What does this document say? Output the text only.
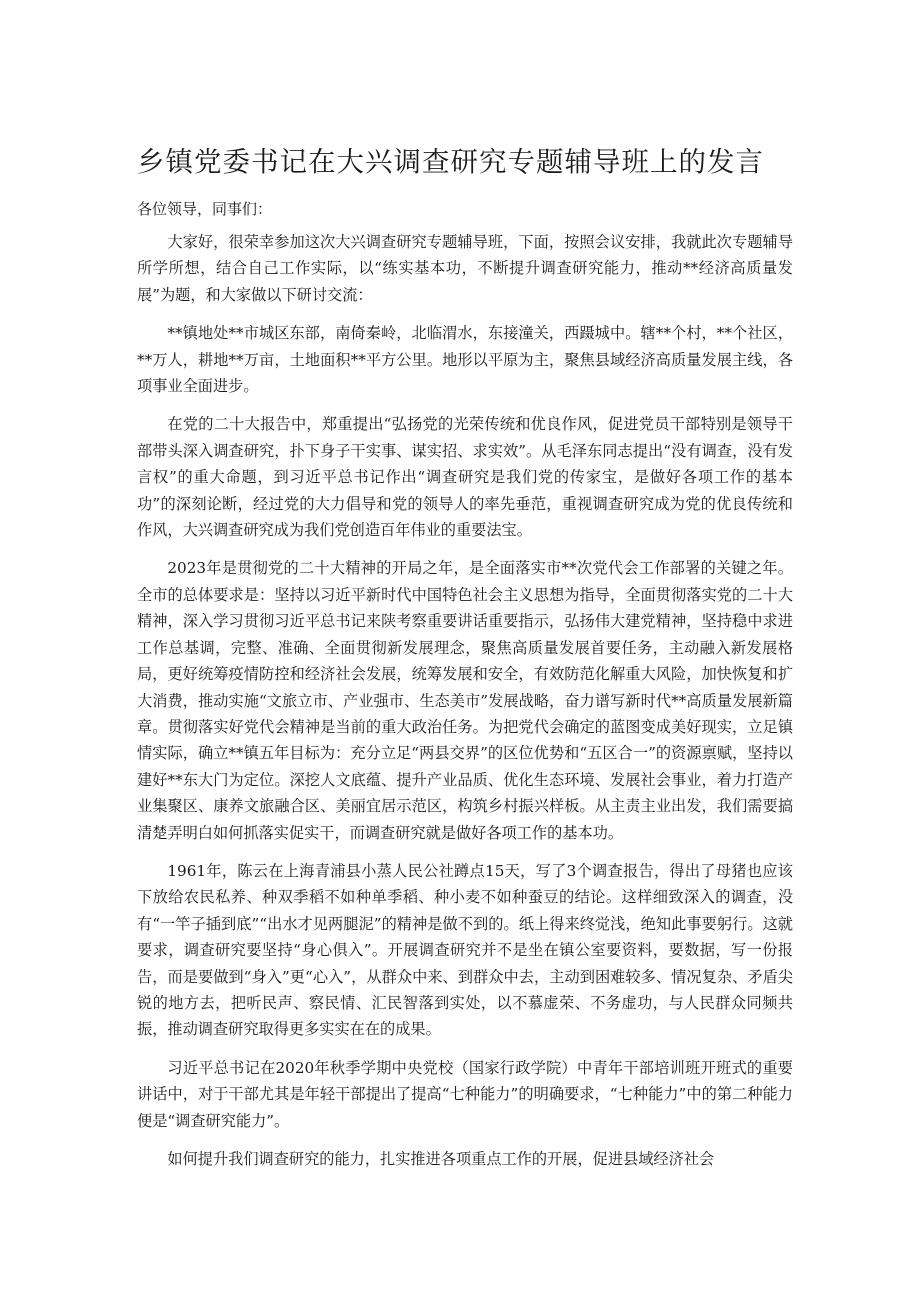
乡镇党委书记在大兴调查研究专题辅导班上的发言

各位领导，同事们：

大家好，很荣幸参加这次大兴调查研究专题辅导班，下面，按照会议安排，我就此次专题辅导所学所想，结合自己工作实际，以“练实基本功，不断提升调查研究能力，推动**经济高质量发展”为题，和大家做以下研讨交流：

**镇地处**市城区东部，南倚秦岭，北临渭水，东接潼关，西蹑城中。辖**个村，**个社区，**万人，耕地**万亩，土地面积**平方公里。地形以平原为主，聚焦县域经济高质量发展主线，各项事业全面进步。

在党的二十大报告中，郑重提出“弘扬党的光荣传统和优良作风，促进党员干部特别是领导干部带头深入调查研究，扑下身子干实事、谋实招、求实效”。从毛泽东同志提出“没有调查，没有发言权”的重大命题，到习近平总书记作出“调查研究是我们党的传家宝，是做好各项工作的基本功”的深刻论断，经过党的大力倡导和党的领导人的率先垂范，重视调查研究成为党的优良传统和作风，大兴调查研究成为我们党创造百年伟业的重要法宝。

2023年是贯彻党的二十大精神的开局之年，是全面落实市**次党代会工作部署的关键之年。全市的总体要求是：坚持以习近平新时代中国特色社会主义思想为指导，全面贯彻落实党的二十大精神，深入学习贯彻习近平总书记来陕考察重要讲话重要指示，弘扬伟大建党精神，坚持稳中求进工作总基调，完整、准确、全面贯彻新发展理念，聚焦高质量发展首要任务，主动融入新发展格局，更好统筹疫情防控和经济社会发展，统筹发展和安全，有效防范化解重大风险，加快恢复和扩大消费，推动实施“文旅立市、产业强市、生态美市”发展战略，奋力谱写新时代**高质量发展新篇章。贯彻落实好党代会精神是当前的重大政治任务。为把党代会确定的蓝图变成美好现实，立足镇情实际，确立**镇五年目标为：充分立足“两县交界”的区位优势和“五区合一”的资源禀赋，坚持以建好**东大门为定位。深挖人文底蕴、提升产业品质、优化生态环境、发展社会事业，着力打造产业集聚区、康养文旅融合区、美丽宜居示范区，构筑乡村振兴样板。从主责主业出发，我们需要搞清楚弄明白如何抓落实促实干，而调查研究就是做好各项工作的基本功。

1961年，陈云在上海青浦县小蒸人民公社蹲点15天，写了3个调查报告，得出了母猪也应该下放给农民私养、种双季稻不如种单季稻、种小麦不如种蚕豆的结论。这样细致深入的调查，没有“一竿子插到底”“出水才见两腿泥”的精神是做不到的。纸上得来终觉浅，绝知此事要躬行。这就要求，调查研究要坚持“身心俱入”。开展调查研究并不是坐在镇公室要资料，要数据，写一份报告，而是要做到“身入”更“心入”，从群众中来、到群众中去，主动到困难较多、情况复杂、矛盾尖锐的地方去，把听民声、察民情、汇民智落到实处，以不慕虚荣、不务虚功，与人民群众同频共振，推动调查研究取得更多实实在在的成果。

习近平总书记在2020年秋季学期中央党校（国家行政学院）中青年干部培训班开班式的重要讲话中，对于干部尤其是年轻干部提出了提高“七种能力”的明确要求，“七种能力”中的第二种能力便是“调查研究能力”。

如何提升我们调查研究的能力，扎实推进各项重点工作的开展，促进县域经济社会
